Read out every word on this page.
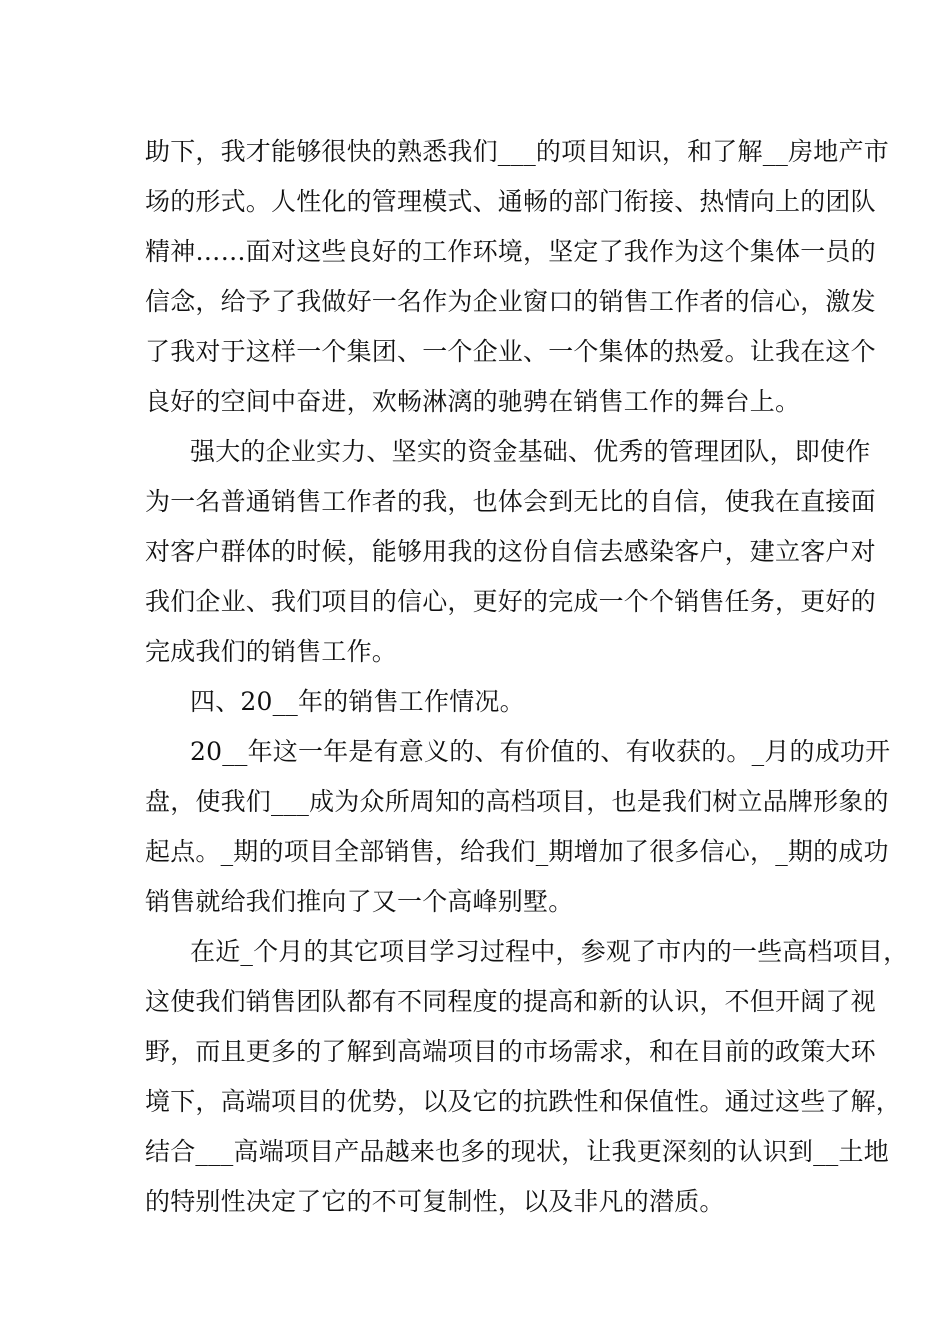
助下，我才能够很快的熟悉我们___的项目知识，和了解__房地产市
场的形式。人性化的管理模式、通畅的部门衔接、热情向上的团队
精神……面对这些良好的工作环境，坚定了我作为这个集体一员的
信念，给予了我做好一名作为企业窗口的销售工作者的信心，激发
了我对于这样一个集团、一个企业、一个集体的热爱。让我在这个
良好的空间中奋进，欢畅淋漓的驰骋在销售工作的舞台上。
强大的企业实力、坚实的资金基础、优秀的管理团队，即使作
为一名普通销售工作者的我，也体会到无比的自信，使我在直接面
对客户群体的时候，能够用我的这份自信去感染客户，建立客户对
我们企业、我们项目的信心，更好的完成一个个销售任务，更好的
完成我们的销售工作。
四、20__年的销售工作情况。
20__年这一年是有意义的、有价值的、有收获的。_月的成功开
盘，使我们___成为众所周知的高档项目，也是我们树立品牌形象的
起点。_期的项目全部销售，给我们_期增加了很多信心，_期的成功
销售就给我们推向了又一个高峰别墅。
在近_个月的其它项目学习过程中，参观了市内的一些高档项目，
这使我们销售团队都有不同程度的提高和新的认识，不但开阔了视
野，而且更多的了解到高端项目的市场需求，和在目前的政策大环
境下，高端项目的优势，以及它的抗跌性和保值性。通过这些了解，
结合___高端项目产品越来也多的现状，让我更深刻的认识到__土地
的特别性决定了它的不可复制性，以及非凡的潜质。
